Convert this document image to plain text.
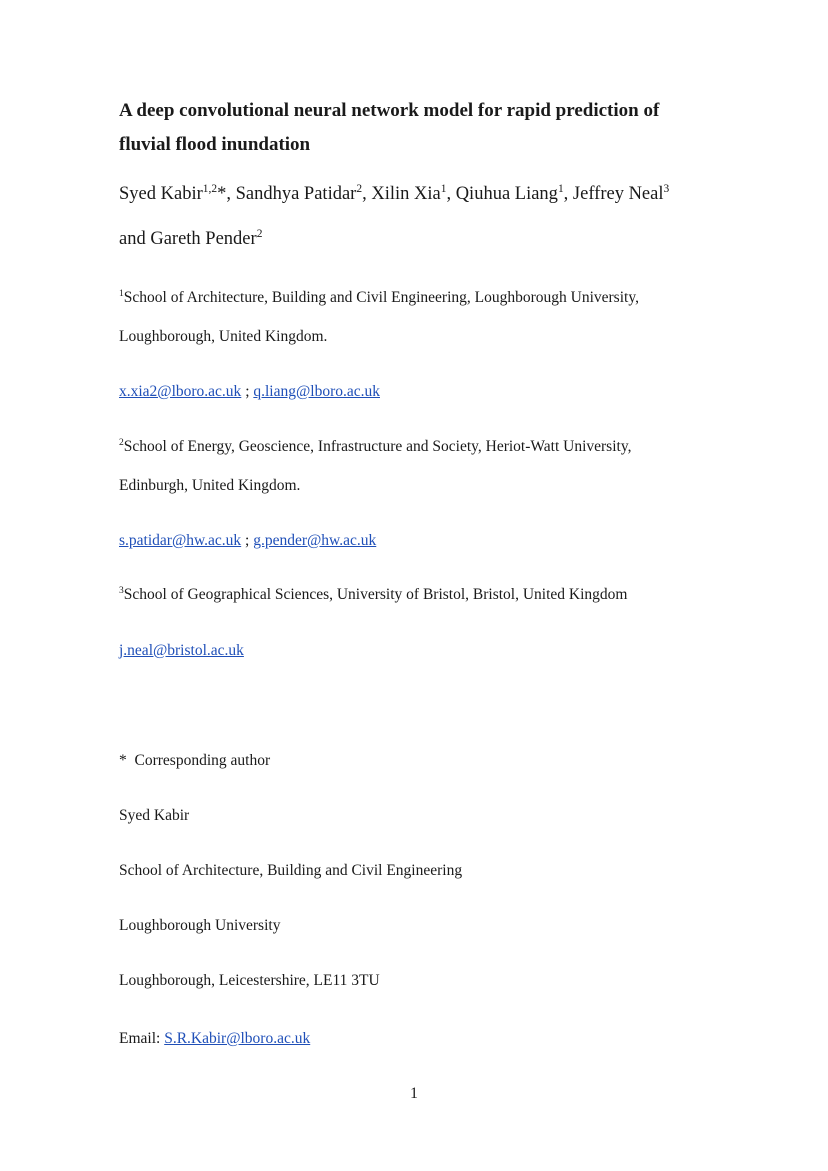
A deep convolutional neural network model for rapid prediction of
fluvial flood inundation
Syed Kabir$^{1,2}$*, Sandhya Patidar$^2$, Xilin Xia$^1$, Qiuhua Liang$^1$, Jeffrey Neal$^3$
and Gareth Pender$^2$
$^1$School of Architecture, Building and Civil Engineering, Loughborough University,
Loughborough, United Kingdom.
x.xia2@lboro.ac.uk ; q.liang@lboro.ac.uk
$^2$School of Energy, Geoscience, Infrastructure and Society, Heriot-Watt University,
Edinburgh, United Kingdom.
s.patidar@hw.ac.uk ; g.pender@hw.ac.uk
$^3$School of Geographical Sciences, University of Bristol, Bristol, United Kingdom
j.neal@bristol.ac.uk
*  Corresponding author
Syed Kabir
School of Architecture, Building and Civil Engineering
Loughborough University
Loughborough, Leicestershire, LE11 3TU
Email: S.R.Kabir@lboro.ac.uk
1
